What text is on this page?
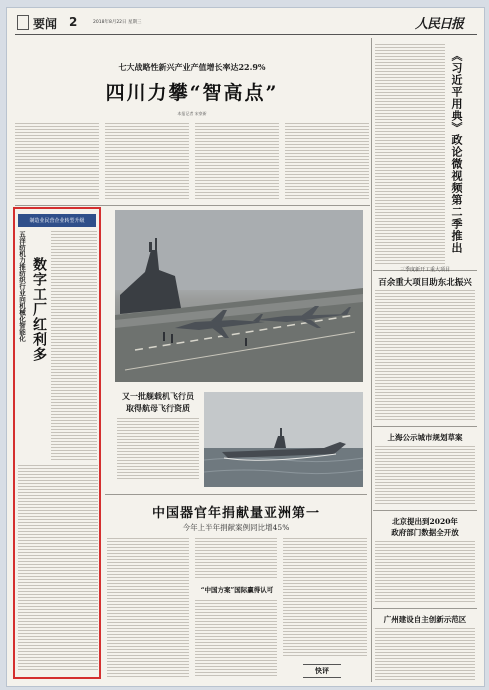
要闻 2	2018年8月22日 星期三	人民日报
七大战略性新兴产业产值增长率达22.9%
四川力攀“智高点”
本报记者 宋豪新
制造业民营企业转型升级
五洋纺机力推纺织行业向机械化智能化 数字工厂红利多
又一批舰载机飞行员
取得航母飞行资质
《习近平用典》政论微视频第二季推出
三季度新开工重大项目
百余重大项目助东北振兴
上海公示城市规划草案
北京提出到2020年
政府部门数据全开放
广州建设自主创新示范区
中国器官年捐献量亚洲第一
今年上半年捐献案例同比增45%
“中国方案”国际赢得认可
快评
